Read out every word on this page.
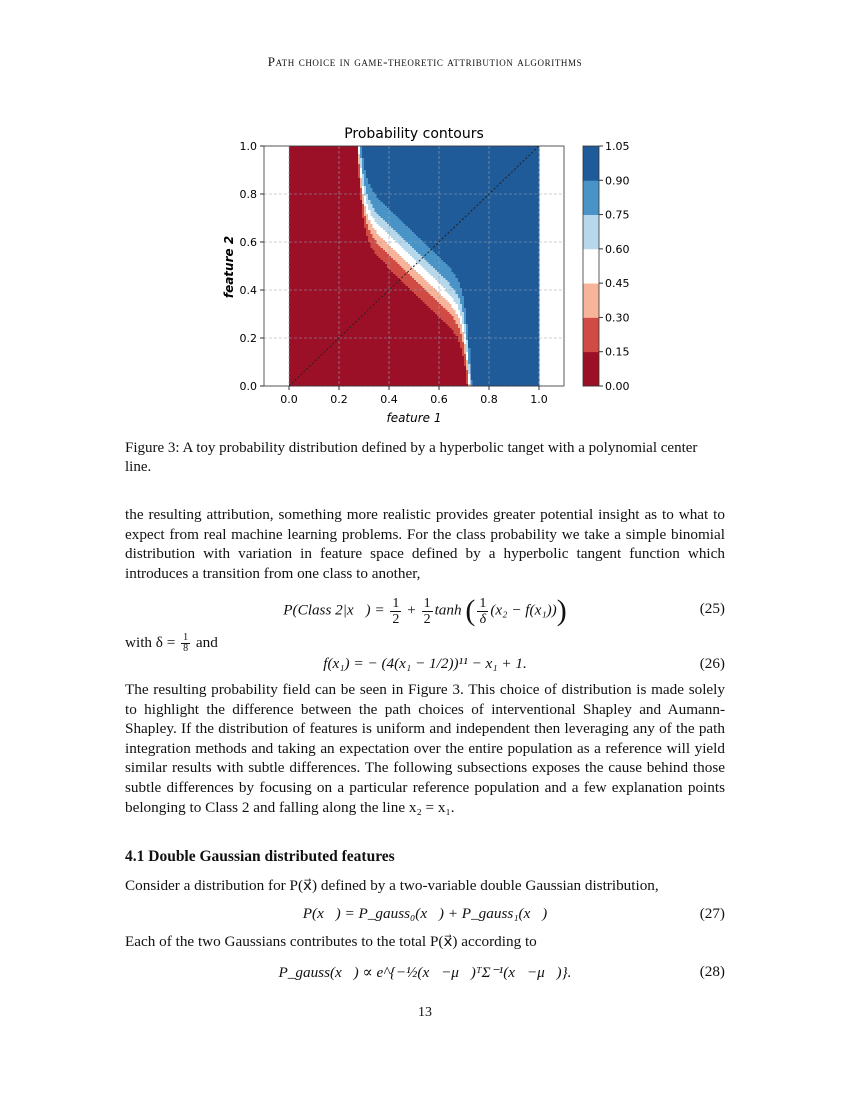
Path choice in game-theoretic attribution algorithms
Probability contours
0.0	0.2	0.4	0.6	0.8	1.0
0.0
0.2
0.4
0.6
0.8
1.0
feature 1
feature 2
0.00
0.15
0.30
0.45
0.60
0.75
0.90
1.05
Figure 3: A toy probability distribution defined by a hyperbolic tanget with a polynomial center line.

the resulting attribution, something more realistic provides greater potential insight as to what to expect from real machine learning problems. For the class probability we take a simple binomial distribution with variation in feature space defined by a hyperbolic tangent function which introduces a transition from one class to another,

P(Class 2|x⃗) = $\frac{1}{2} + \frac{1}{2}$ tanh ( $\frac{1}{\delta} (x_2 - f(x_1))$)	(25)
with $\delta = \frac{1}{8}$ and
f(x₁) = − (4(x₁ − 1/2))¹¹ − x₁ + 1.	(26)

The resulting probability field can be seen in Figure 3. This choice of distribution is made solely to highlight the difference between the path choices of interventional Shapley and Aumann-Shapley. If the distribution of features is uniform and independent then leveraging any of the path integration methods and taking an expectation over the entire population as a reference will yield similar results with subtle differences. The following subsections exposes the cause behind those subtle differences by focusing on a particular reference population and a few explanation points belonging to Class 2 and falling along the line x₂ = x₁.

4.1 Double Gaussian distributed features

Consider a distribution for P(x⃗) defined by a two-variable double Gaussian distribution,

P(x⃗) = P_gauss₀(x⃗) + P_gauss₁(x⃗)	(27)

Each of the two Gaussians contributes to the total P(x⃗) according to

P_gauss(x⃗) ∝ e^{−½(x⃗−μ⃗)ᵀΣ⁻¹(x⃗−μ⃗)}.	(28)
13
